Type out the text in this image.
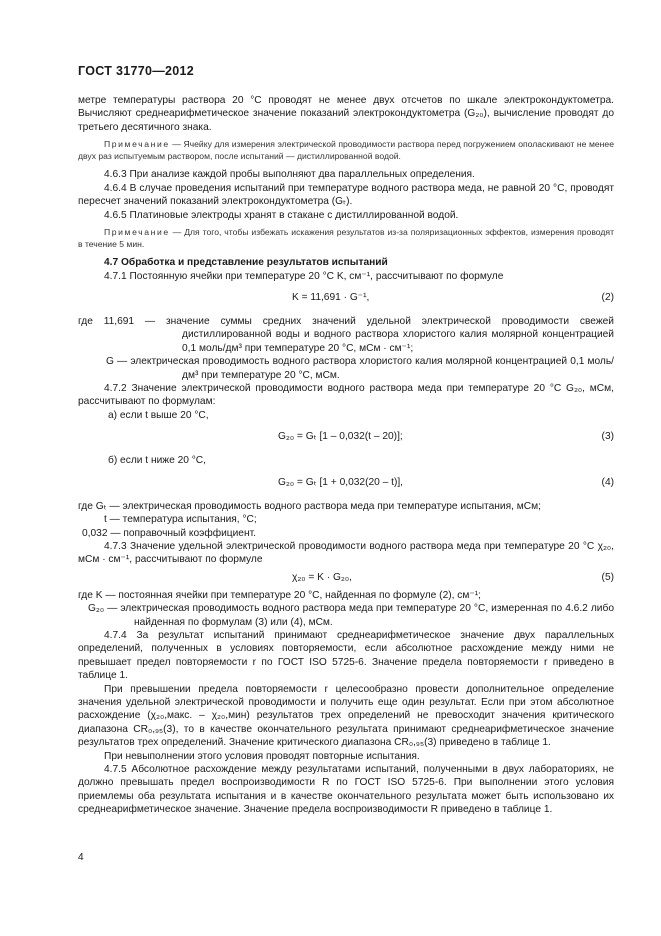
ГОСТ 31770—2012

метре температуры раствора 20 °С проводят не менее двух отсчетов по шкале электрокондуктометра. Вычисляют среднеарифметическое значение показаний электрокондуктометра (G₂₀), вычисление проводят до третьего десятичного знака.

Примечание — Ячейку для измерения электрической проводимости раствора перед погружением ополаскивают не менее двух раз испытуемым раствором, после испытаний — дистиллированной водой.

4.6.3 При анализе каждой пробы выполняют два параллельных определения.

4.6.4 В случае проведения испытаний при температуре водного раствора меда, не равной 20 °С, проводят пересчет значений показаний электрокондуктометра (Gₜ).

4.6.5 Платиновые электроды хранят в стакане с дистиллированной водой.

Примечание — Для того, чтобы избежать искажения результатов из-за поляризационных эффектов, измерения проводят в течение 5 мин.

4.7 Обработка и представление результатов испытаний

4.7.1 Постоянную ячейки при температуре 20 °С K, см⁻¹, рассчитывают по формуле

K = 11,691 · G⁻¹,	(2)

где 11,691 — значение суммы средних значений удельной электрической проводимости свежей дистиллированной воды и водного раствора хлористого калия молярной концентрацией 0,1 моль/дм³ при температуре 20 °С, мСм · см⁻¹;

G — электрическая проводимость водного раствора хлористого калия молярной концентрацией 0,1 моль/дм³ при температуре 20 °С, мСм.

4.7.2 Значение электрической проводимости водного раствора меда при температуре 20 °С G₂₀, мСм, рассчитывают по формулам:

а) если t выше 20 °С,

G₂₀ = Gₜ [1 – 0,032(t – 20)];	(3)

б) если t ниже 20 °С,

G₂₀ = Gₜ [1 + 0,032(20 – t)],	(4)

где Gₜ — электрическая проводимость водного раствора меда при температуре испытания, мСм;

t — температура испытания, °С;

0,032 — поправочный коэффициент.

4.7.3 Значение удельной электрической проводимости водного раствора меда при температуре 20 °С χ₂₀, мСм · см⁻¹, рассчитывают по формуле

χ₂₀ = K · G₂₀,	(5)

где K — постоянная ячейки при температуре 20 °С, найденная по формуле (2), см⁻¹;

G₂₀ — электрическая проводимость водного раствора меда при температуре 20 °С, измеренная по 4.6.2 либо найденная по формулам (3) или (4), мСм.

4.7.4 За результат испытаний принимают среднеарифметическое значение двух параллельных определений, полученных в условиях повторяемости, если абсолютное расхождение между ними не превышает предел повторяемости r по ГОСТ ISO 5725-6. Значение предела повторяемости r приведено в таблице 1.

При превышении предела повторяемости r целесообразно провести дополнительное определение значения удельной электрической проводимости и получить еще один результат. Если при этом абсолютное расхождение (χ₂₀,макс. – χ₂₀,мин) результатов трех определений не превосходит значения критического диапазона CR₀,₉₅(3), то в качестве окончательного результата принимают среднеарифметическое значение результатов трех определений. Значение критического диапазона CR₀,₉₅(3) приведено в таблице 1.

При невыполнении этого условия проводят повторные испытания.

4.7.5 Абсолютное расхождение между результатами испытаний, полученными в двух лабораториях, не должно превышать предел воспроизводимости R по ГОСТ ISO 5725-6. При выполнении этого условия приемлемы оба результата испытания и в качестве окончательного результата может быть использовано их среднеарифметическое значение. Значение предела воспроизводимости R приведено в таблице 1.

4
